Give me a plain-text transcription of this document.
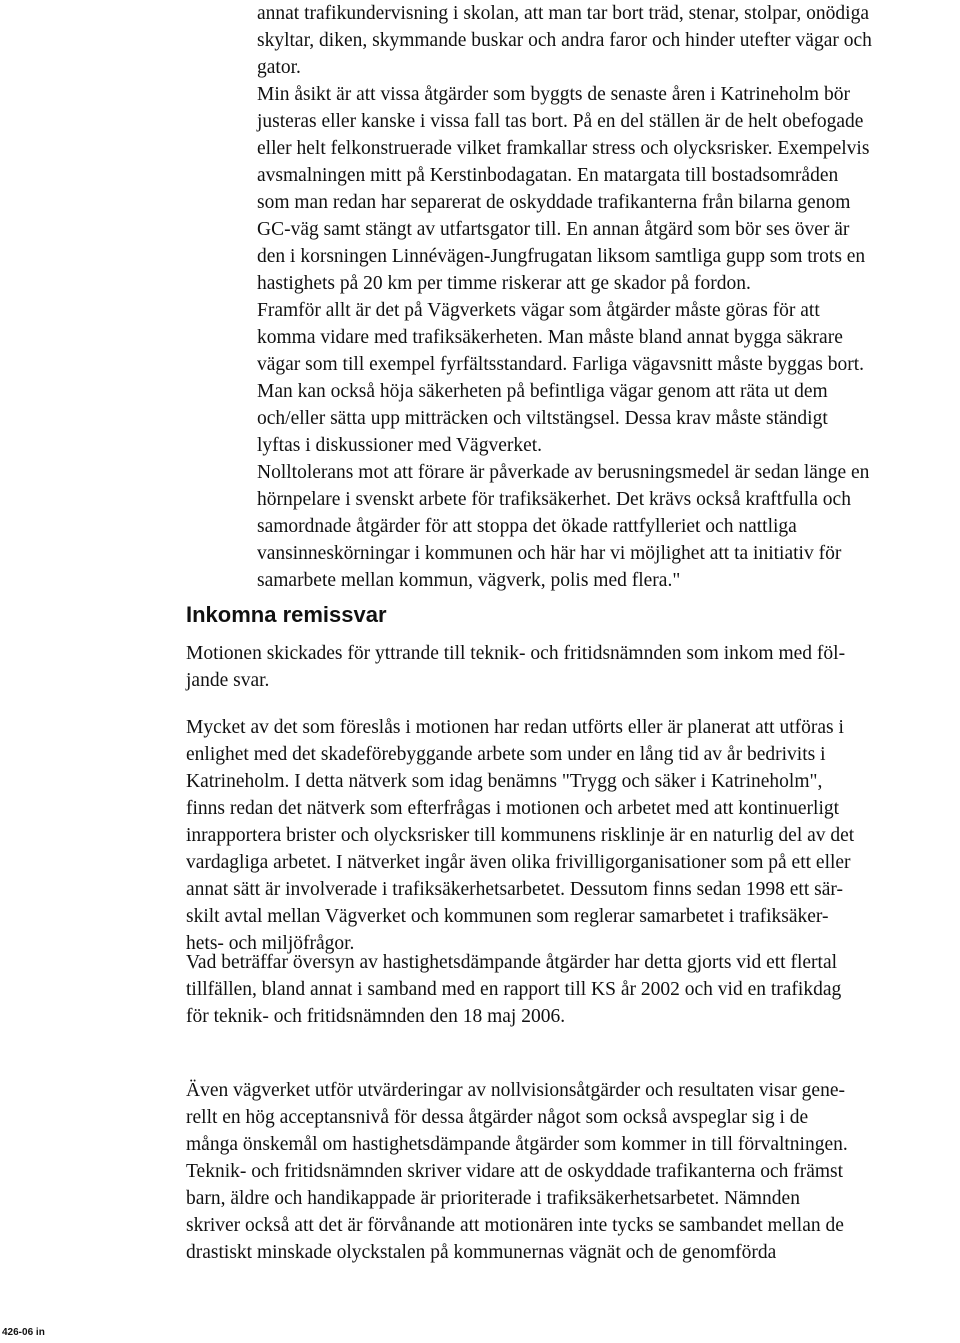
annat trafikundervisning i skolan, att man tar bort träd, stenar, stolpar, onödiga
skyltar, diken, skymmande buskar och andra faror och hinder utefter vägar och
gator.
Min åsikt är att vissa åtgärder som byggts de senaste åren i Katrineholm bör
justeras eller kanske i vissa fall tas bort. På en del ställen är de helt obefogade
eller helt felkonstruerade vilket framkallar stress och olycksrisker. Exempelvis
avsmalningen mitt på Kerstinbodagatan. En matargata till bostadsområden
som man redan har separerat de oskyddade trafikanterna från bilarna genom
GC-väg samt stängt av utfartsgator till. En annan åtgärd som bör ses över är
den i korsningen Linnévägen-Jungfrugatan liksom samtliga gupp som trots en
hastighets på 20 km per timme riskerar att ge skador på fordon.
Framför allt är det på Vägverkets vägar som åtgärder måste göras för att
komma vidare med trafiksäkerheten. Man måste bland annat bygga säkrare
vägar som till exempel fyrfältsstandard. Farliga vägavsnitt måste byggas bort.
Man kan också höja säkerheten på befintliga vägar genom att räta ut dem
och/eller sätta upp mitträcken och viltstängsel. Dessa krav måste ständigt
lyftas i diskussioner med Vägverket.
Nolltolerans mot att förare är påverkade av berusningsmedel är sedan länge en
hörnpelare i svenskt arbete för trafiksäkerhet. Det krävs också kraftfulla och
samordnade åtgärder för att stoppa det ökade rattfylleriet och nattliga
vansinneskörningar i kommunen och här har vi möjlighet att ta initiativ för
samarbete mellan kommun, vägverk, polis med flera."
Inkomna remissvar
Motionen skickades för yttrande till teknik- och fritidsnämnden som inkom med föl-
jande svar.
Mycket av det som föreslås i motionen har redan utförts eller är planerat att utföras i
enlighet med det skadeförebyggande arbete som under en lång tid av år bedrivits i
Katrineholm. I detta nätverk som idag benämns "Trygg och säker i Katrineholm",
finns redan det nätverk som efterfrågas i motionen och arbetet med att kontinuerligt
inrapportera brister och olycksrisker till kommunens risklinje är en naturlig del av det
vardagliga arbetet. I nätverket ingår även olika frivilligorganisationer som på ett eller
annat sätt är involverade i trafiksäkerhetsarbetet. Dessutom finns sedan 1998 ett sär-
skilt avtal mellan Vägverket och kommunen som reglerar samarbetet i trafiksäker-
hets- och miljöfrågor.
Vad beträffar översyn av hastighetsdämpande åtgärder har detta gjorts vid ett flertal
tillfällen, bland annat i samband med en rapport till KS år 2002 och vid en trafikdag
för teknik- och fritidsnämnden den 18 maj 2006.
Även vägverket utför utvärderingar av nollvisionsåtgärder och resultaten visar gene-
rellt en hög acceptansnivå för dessa åtgärder något som också avspeglar sig i de
många önskemål om hastighetsdämpande åtgärder som kommer in till förvaltningen.
Teknik- och fritidsnämnden skriver vidare att de oskyddade trafikanterna och främst
barn, äldre och handikappade är prioriterade i trafiksäkerhetsarbetet. Nämnden
skriver också att det är förvånande att motionären inte tycks se sambandet mellan de
drastiskt minskade olyckstalen på kommunernas vägnät och de genomförda
426-06 in
